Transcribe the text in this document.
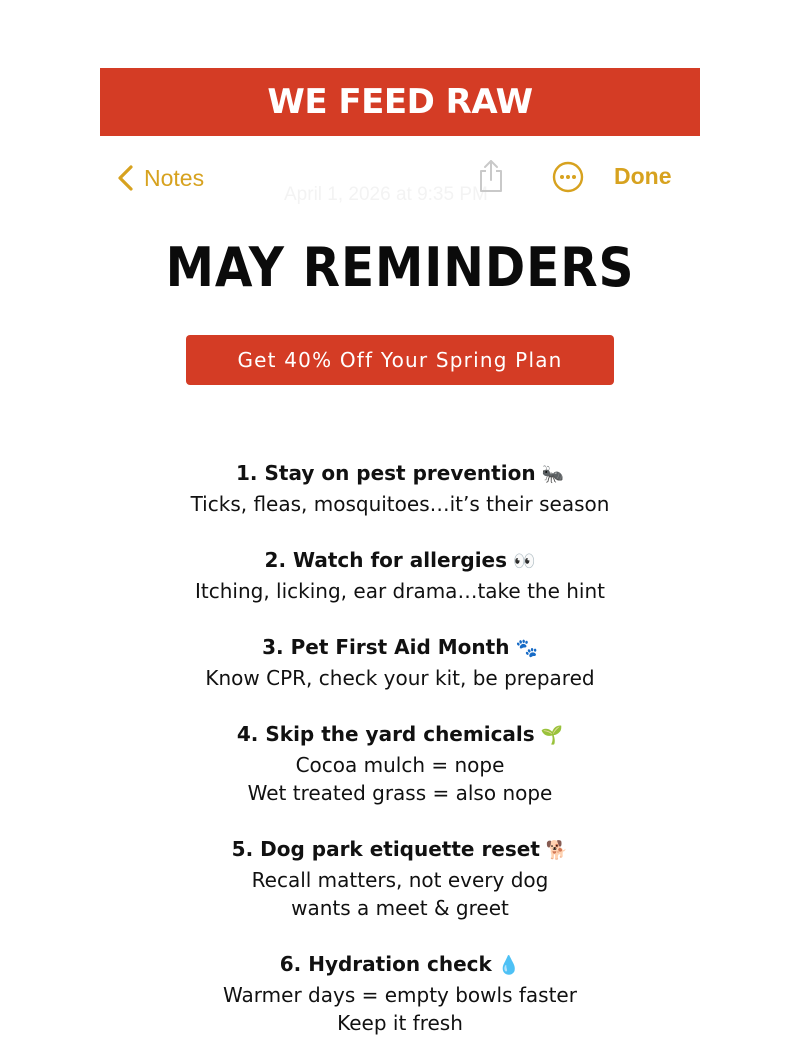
WE FEED RAW
Notes
April 1, 2026 at 9:35 PM
Done
MAY REMINDERS
Get 40% Off Your Spring Plan
1. Stay on pest prevention 🐜
Ticks, fleas, mosquitoes…it’s their season
2. Watch for allergies 👀
Itching, licking, ear drama…take the hint
3. Pet First Aid Month 🐾
Know CPR, check your kit, be prepared
4. Skip the yard chemicals 🌱
Cocoa mulch = nope
Wet treated grass = also nope
5. Dog park etiquette reset 🐕
Recall matters, not every dog
wants a meet & greet
6. Hydration check 💧
Warmer days = empty bowls faster
Keep it fresh
